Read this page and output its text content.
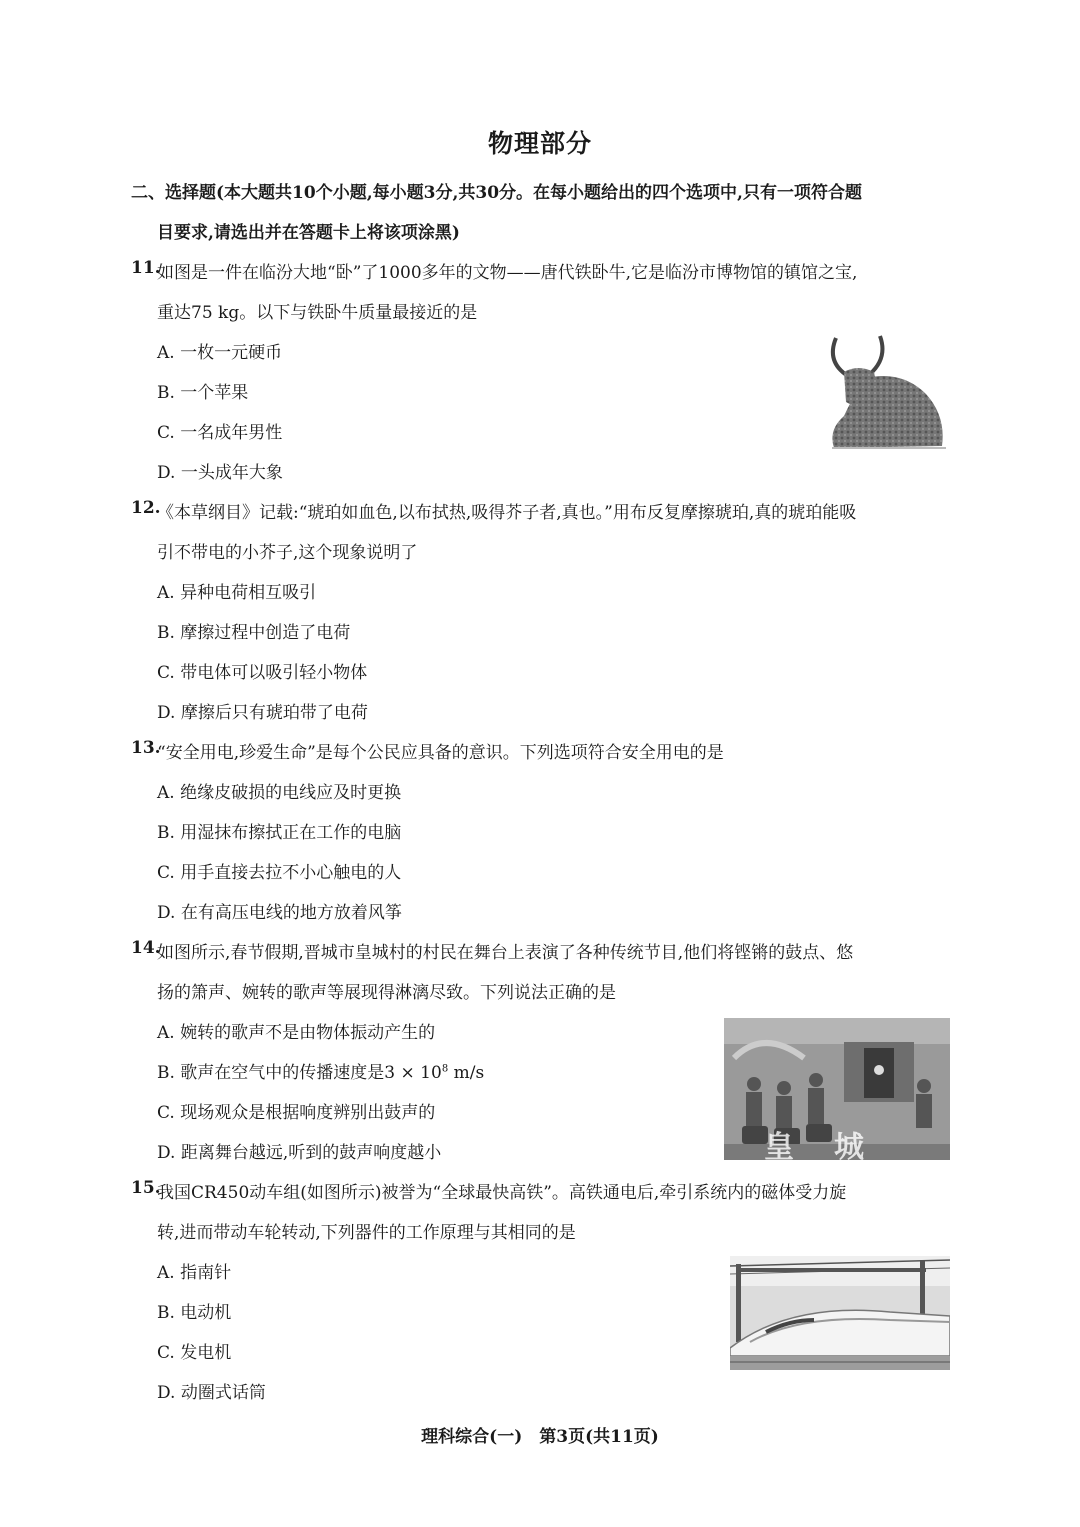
物理部分
二、选择题(本大题共10个小题,每小题3分,共30分。在每小题给出的四个选项中,只有一项符合题
目要求,请选出并在答题卡上将该项涂黑)
11.
如图是一件在临汾大地“卧”了1000多年的文物——唐代铁卧牛,它是临汾市博物馆的镇馆之宝,
重达75 kg。以下与铁卧牛质量最接近的是
A. 一枚一元硬币
B. 一个苹果
C. 一名成年男性
D. 一头成年大象
12.
《本草纲目》记载:“琥珀如血色,以布拭热,吸得芥子者,真也。”用布反复摩擦琥珀,真的琥珀能吸
引不带电的小芥子,这个现象说明了
A. 异种电荷相互吸引
B. 摩擦过程中创造了电荷
C. 带电体可以吸引轻小物体
D. 摩擦后只有琥珀带了电荷
13.
“安全用电,珍爱生命”是每个公民应具备的意识。下列选项符合安全用电的是
A. 绝缘皮破损的电线应及时更换
B. 用湿抹布擦拭正在工作的电脑
C. 用手直接去拉不小心触电的人
D. 在有高压电线的地方放着风筝
14.
如图所示,春节假期,晋城市皇城村的村民在舞台上表演了各种传统节目,他们将铿锵的鼓点、悠
扬的箫声、婉转的歌声等展现得淋漓尽致。下列说法正确的是
A. 婉转的歌声不是由物体振动产生的
B. 歌声在空气中的传播速度是$3 \times 10^8$ m/s
C. 现场观众是根据响度辨别出鼓声的
D. 距离舞台越远,听到的鼓声响度越小	皇城
15.
我国CR450动车组(如图所示)被誉为“全球最快高铁”。高铁通电后,牵引系统内的磁体受力旋
转,进而带动车轮转动,下列器件的工作原理与其相同的是
A. 指南针
B. 电动机
C. 发电机
D. 动圈式话筒
理科综合(一)　第3页(共11页)
